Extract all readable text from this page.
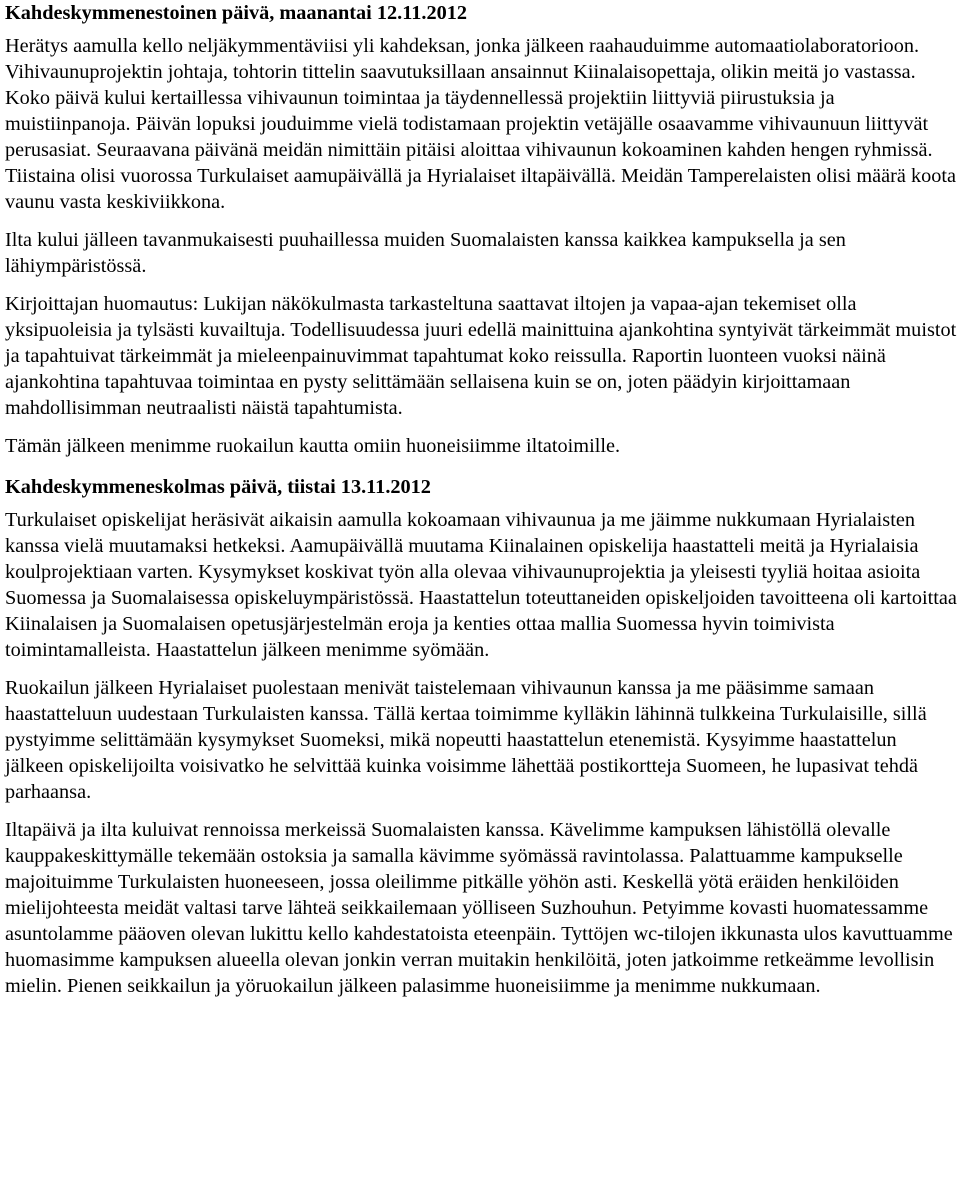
Kahdeskymmenestoinen päivä, maanantai 12.11.2012

Herätys aamulla kello neljäkymmentäviisi yli kahdeksan, jonka jälkeen raahauduimme automaatiolaboratorioon. Vihivaunuprojektin johtaja, tohtorin tittelin saavutuksillaan ansainnut Kiinalaisopettaja, olikin meitä jo vastassa. Koko päivä kului kertaillessa vihivaunun toimintaa ja täydennellessä projektiin liittyviä piirustuksia ja muistiinpanoja. Päivän lopuksi jouduimme vielä todistamaan projektin vetäjälle osaavamme vihivaunuun liittyvät perusasiat. Seuraavana päivänä meidän nimittäin pitäisi aloittaa vihivaunun kokoaminen kahden hengen ryhmissä. Tiistaina olisi vuorossa Turkulaiset aamupäivällä ja Hyrialaiset iltapäivällä. Meidän Tamperelaisten olisi määrä koota vaunu vasta keskiviikkona.

Ilta kului jälleen tavanmukaisesti puuhaillessa muiden Suomalaisten kanssa kaikkea kampuksella ja sen lähiympäristössä.

Kirjoittajan huomautus: Lukijan näkökulmasta tarkasteltuna saattavat iltojen ja vapaa-ajan tekemiset olla yksipuoleisia ja tylsästi kuvailtuja. Todellisuudessa juuri edellä mainittuina ajankohtina syntyivät tärkeimmät muistot ja tapahtuivat tärkeimmät ja mieleenpainuvimmat tapahtumat koko reissulla. Raportin luonteen vuoksi näinä ajankohtina tapahtuvaa toimintaa en pysty selittämään sellaisena kuin se on, joten päädyin kirjoittamaan mahdollisimman neutraalisti näistä tapahtumista.

Tämän jälkeen menimme ruokailun kautta omiin huoneisiimme iltatoimille.

Kahdeskymmeneskolmas päivä, tiistai 13.11.2012

Turkulaiset opiskelijat heräsivät aikaisin aamulla kokoamaan vihivaunua ja me jäimme nukkumaan Hyrialaisten kanssa vielä muutamaksi hetkeksi. Aamupäivällä muutama Kiinalainen opiskelija haastatteli meitä ja Hyrialaisia koulprojektiaan varten. Kysymykset koskivat työn alla olevaa vihivaunuprojektia ja yleisesti tyyliä hoitaa asioita Suomessa ja Suomalaisessa opiskeluympäristössä. Haastattelun toteuttaneiden opiskeljoiden tavoitteena oli kartoittaa Kiinalaisen ja Suomalaisen opetusjärjestelmän eroja ja kenties ottaa mallia Suomessa hyvin toimivista toimintamalleista. Haastattelun jälkeen menimme syömään.

Ruokailun jälkeen Hyrialaiset puolestaan menivät taistelemaan vihivaunun kanssa ja me pääsimme samaan haastatteluun uudestaan Turkulaisten kanssa. Tällä kertaa toimimme kylläkin lähinnä tulkkeina Turkulaisille, sillä pystyimme selittämään kysymykset Suomeksi, mikä nopeutti haastattelun etenemistä. Kysyimme haastattelun jälkeen opiskelijoilta voisivatko he selvittää kuinka voisimme lähettää postikortteja Suomeen, he lupasivat tehdä parhaansa.

Iltapäivä ja ilta kuluivat rennoissa merkeissä Suomalaisten kanssa. Kävelimme kampuksen lähistöllä olevalle kauppakeskittymälle tekemään ostoksia ja samalla kävimme syömässä ravintolassa. Palattuamme kampukselle majoituimme Turkulaisten huoneeseen, jossa oleilimme pitkälle yöhön asti. Keskellä yötä eräiden henkilöiden mielijohteesta meidät valtasi tarve lähteä seikkailemaan yölliseen Suzhouhun. Petyimme kovasti huomatessamme asuntolamme pääoven olevan lukittu kello kahdestatoista eteenpäin. Tyttöjen wc-tilojen ikkunasta ulos kavuttuamme huomasimme kampuksen alueella olevan jonkin verran muitakin henkilöitä, joten jatkoimme retkeämme levollisin mielin. Pienen seikkailun ja yöruokailun jälkeen palasimme huoneisiimme ja menimme nukkumaan.
